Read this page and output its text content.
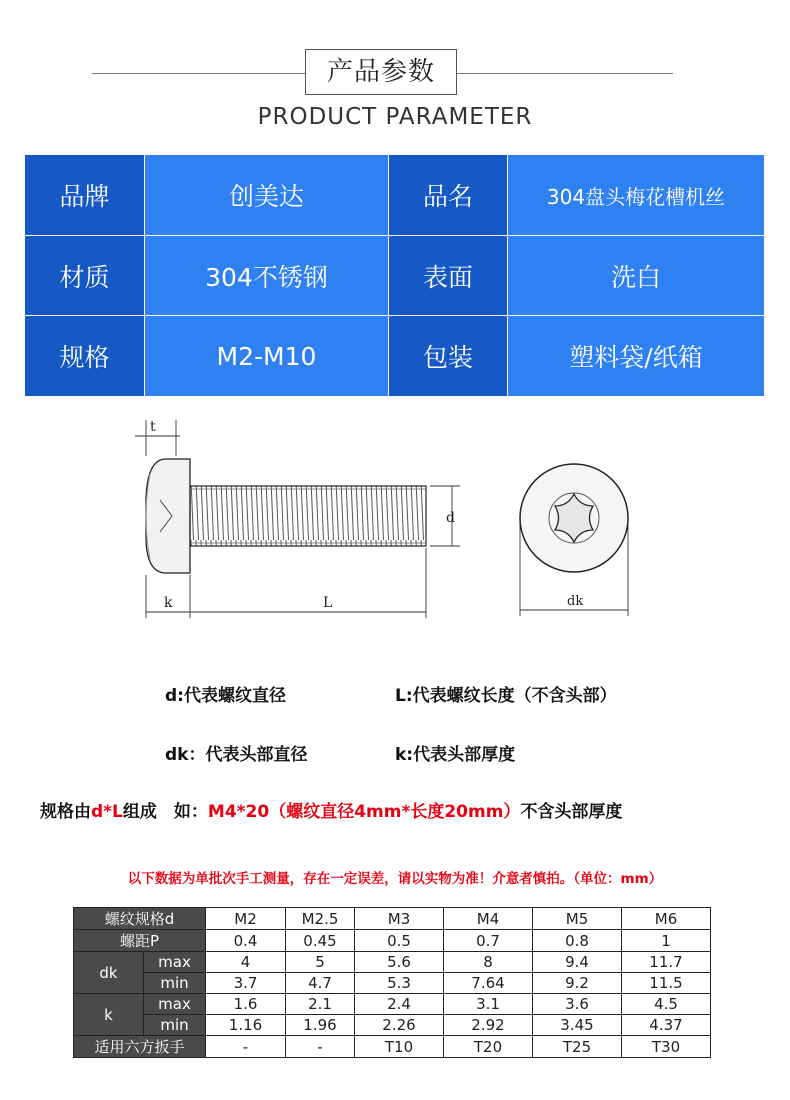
产品参数
PRODUCT PARAMETER
品牌	创美达	品名	304盘头梅花槽机丝
材质	304不锈钢	表面	洗白
规格	M2-M10	包装	塑料袋/纸箱
t
d
k	L	dk
d:代表螺纹直径	L:代表螺纹长度（不含头部）
dk：代表头部直径	k:代表头部厚度
规格由d*L组成　如：M4*20（螺纹直径4mm*长度20mm）不含头部厚度
以下数据为单批次手工测量，存在一定误差，请以实物为准！介意者慎拍。（单位：mm）
螺纹规格d		M2	M2.5	M3	M4	M5	M6
螺距P		0.4	0.45	0.5	0.7	0.8	1
dk	max	4	5	5.6	8	9.4	11.7
	min	3.7	4.7	5.3	7.64	9.2	11.5
k	max	1.6	2.1	2.4	3.1	3.6	4.5
	min	1.16	1.96	2.26	2.92	3.45	4.37
适用六方扳手		-	-	T10	T20	T25	T30
